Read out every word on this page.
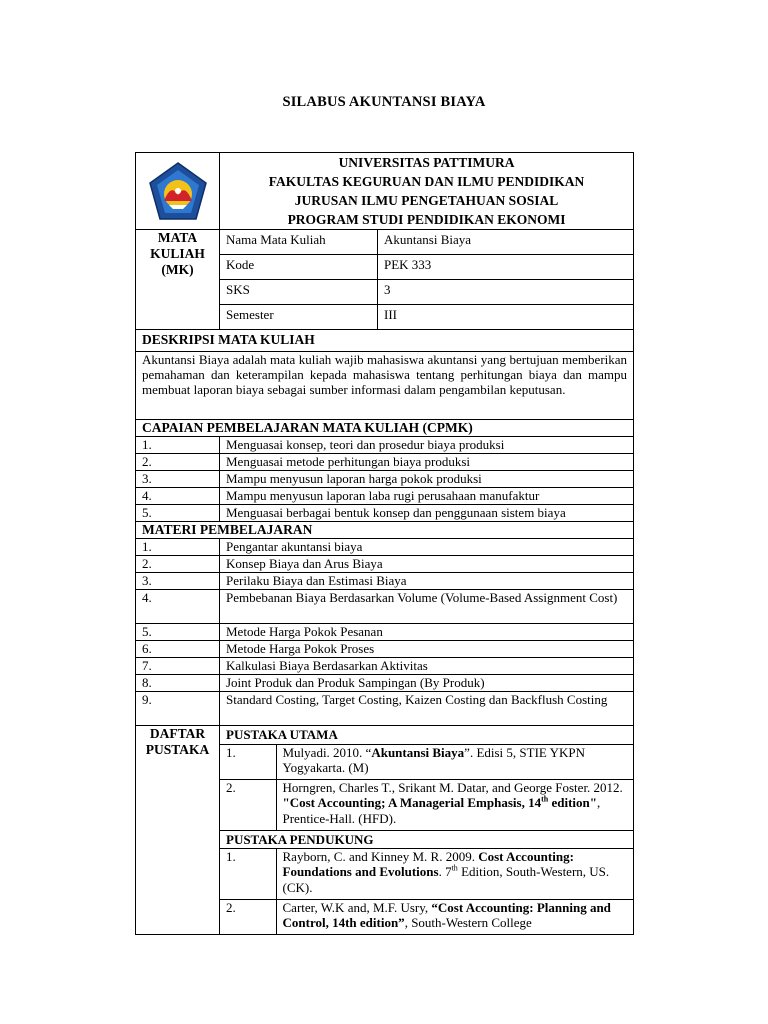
SILABUS AKUNTANSI BIAYA
AMBON

UNIVERSITAS PATTIMURA
FAKULTAS KEGURUAN DAN ILMU PENDIDIKAN
JURUSAN ILMU PENGETAHUAN SOSIAL
PROGRAM STUDI PENDIDIKAN EKONOMI

MATA KULIAH (MK)	Nama Mata Kuliah	Akuntansi Biaya
Kode	PEK 333
SKS	3
Semester	III
DESKRIPSI MATA KULIAH
Akuntansi Biaya adalah mata kuliah wajib mahasiswa akuntansi yang bertujuan memberikan pemahaman dan keterampilan kepada mahasiswa tentang perhitungan biaya dan mampu membuat laporan biaya sebagai sumber informasi dalam pengambilan keputusan.
CAPAIAN PEMBELAJARAN MATA KULIAH (CPMK)
1.	Menguasai konsep, teori dan prosedur biaya produksi
2.	Menguasai metode perhitungan biaya produksi
3.	Mampu menyusun laporan harga pokok produksi
4.	Mampu menyusun laporan laba rugi perusahaan manufaktur
5.	Menguasai berbagai bentuk konsep dan penggunaan sistem biaya
MATERI PEMBELAJARAN
1.	Pengantar akuntansi biaya
2.	Konsep Biaya dan Arus Biaya
3.	Perilaku Biaya dan Estimasi Biaya
4.	Pembebanan Biaya Berdasarkan Volume (Volume-Based Assignment Cost)
5.	Metode Harga Pokok Pesanan
6.	Metode Harga Pokok Proses
7.	Kalkulasi Biaya Berdasarkan Aktivitas
8.	Joint Produk dan Produk Sampingan (By Produk)
9.	Standard Costing, Target Costing, Kaizen Costing dan Backflush Costing
DAFTAR PUSTAKA	
PUSTAKA UTAMA
1.	Mulyadi. 2010. “Akuntansi Biaya”. Edisi 5, STIE YKPN Yogyakarta. (M)
2.	Horngren, Charles T., Srikant M. Datar, and George Foster. 2012. "Cost Accounting; A Managerial Emphasis, 14th edition", Prentice-Hall. (HFD).
PUSTAKA PENDUKUNG
1.	Rayborn, C. and Kinney M. R. 2009. Cost Accounting: Foundations and Evolutions. 7th Edition, South-Western, US. (CK).
2.	Carter, W.K and, M.F. Usry, “Cost Accounting: Planning and Control, 14th edition”, South-Western College
